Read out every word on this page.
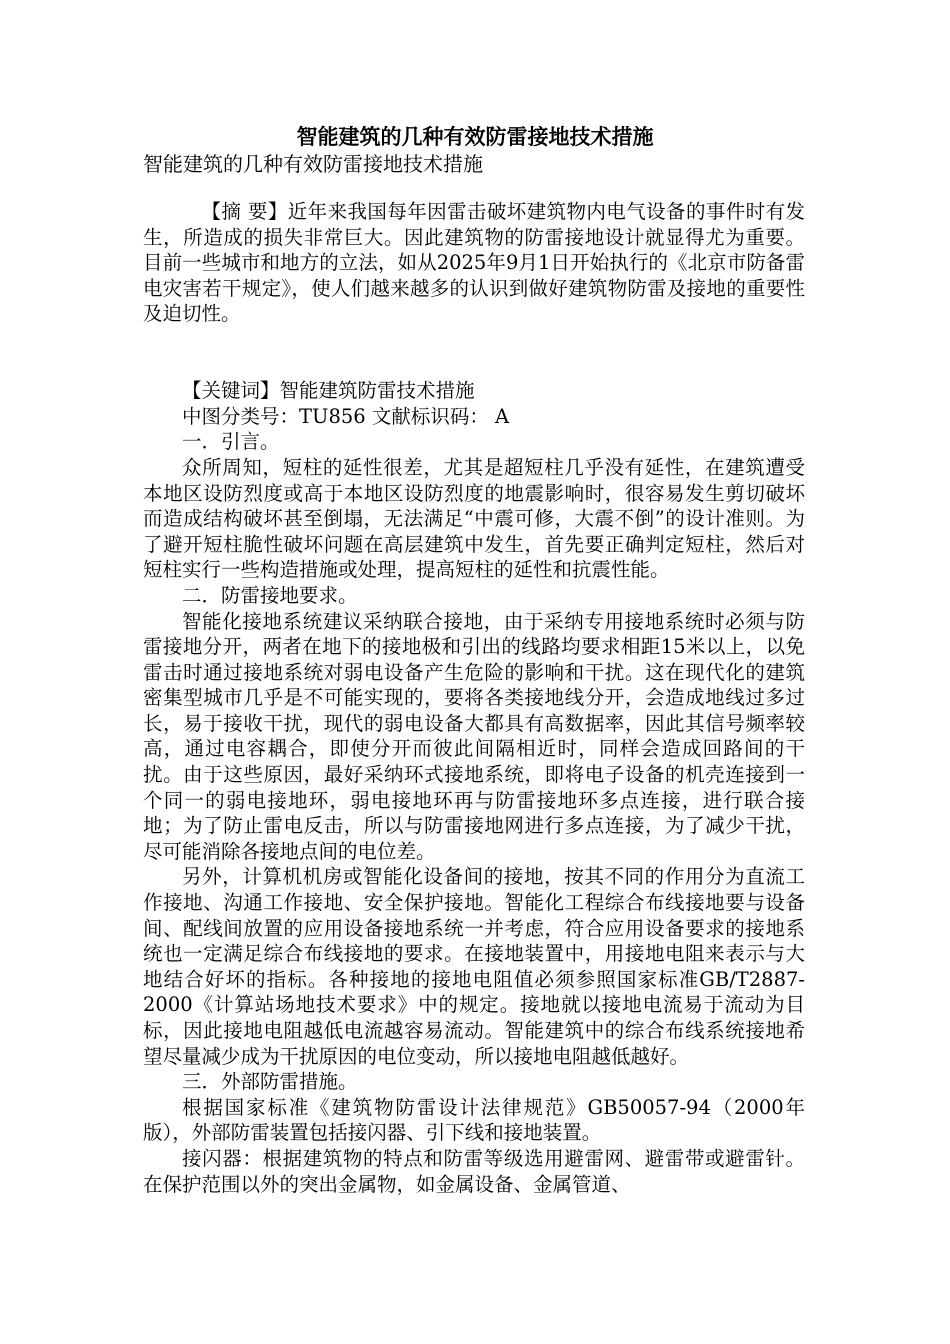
智能建筑的几种有效防雷接地技术措施

智能建筑的几种有效防雷接地技术措施

【摘 要】近年来我国每年因雷击破坏建筑物内电气设备的事件时有发生，所造成的损失非常巨大。因此建筑物的防雷接地设计就显得尤为重要。目前一些城市和地方的立法，如从2025年9月1日开始执行的《北京市防备雷电灾害若干规定》，使人们越来越多的认识到做好建筑物防雷及接地的重要性及迫切性。

【关键词】智能建筑防雷技术措施

中图分类号：TU856 文献标识码： A

一．引言。

众所周知，短柱的延性很差，尤其是超短柱几乎没有延性，在建筑遭受本地区设防烈度或高于本地区设防烈度的地震影响时，很容易发生剪切破坏而造成结构破坏甚至倒塌，无法满足“中震可修，大震不倒”的设计准则。为了避开短柱脆性破坏问题在高层建筑中发生，首先要正确判定短柱，然后对短柱实行一些构造措施或处理，提高短柱的延性和抗震性能。

二．防雷接地要求。

智能化接地系统建议采纳联合接地，由于采纳专用接地系统时必须与防雷接地分开，两者在地下的接地极和引出的线路均要求相距15米以上，以免雷击时通过接地系统对弱电设备产生危险的影响和干扰。这在现代化的建筑密集型城市几乎是不可能实现的，要将各类接地线分开，会造成地线过多过长，易于接收干扰，现代的弱电设备大都具有高数据率，因此其信号频率较高，通过电容耦合，即使分开而彼此间隔相近时，同样会造成回路间的干扰。由于这些原因，最好采纳环式接地系统，即将电子设备的机壳连接到一个同一的弱电接地环，弱电接地环再与防雷接地环多点连接，进行联合接地；为了防止雷电反击，所以与防雷接地网进行多点连接，为了减少干扰，尽可能消除各接地点间的电位差。

另外，计算机机房或智能化设备间的接地，按其不同的作用分为直流工作接地、沟通工作接地、安全保护接地。智能化工程综合布线接地要与设备间、配线间放置的应用设备接地系统一并考虑，符合应用设备要求的接地系统也一定满足综合布线接地的要求。在接地装置中，用接地电阻来表示与大地结合好坏的指标。各种接地的接地电阻值必须参照国家标准GB/T2887-2000《计算站场地技术要求》中的规定。接地就以接地电流易于流动为目标，因此接地电阻越低电流越容易流动。智能建筑中的综合布线系统接地希望尽量减少成为干扰原因的电位变动，所以接地电阻越低越好。

三．外部防雷措施。

根据国家标准《建筑物防雷设计法律规范》GB50057-94（2000年版），外部防雷装置包括接闪器、引下线和接地装置。

接闪器：根据建筑物的特点和防雷等级选用避雷网、避雷带或避雷针。在保护范围以外的突出金属物，如金属设备、金属管道、
